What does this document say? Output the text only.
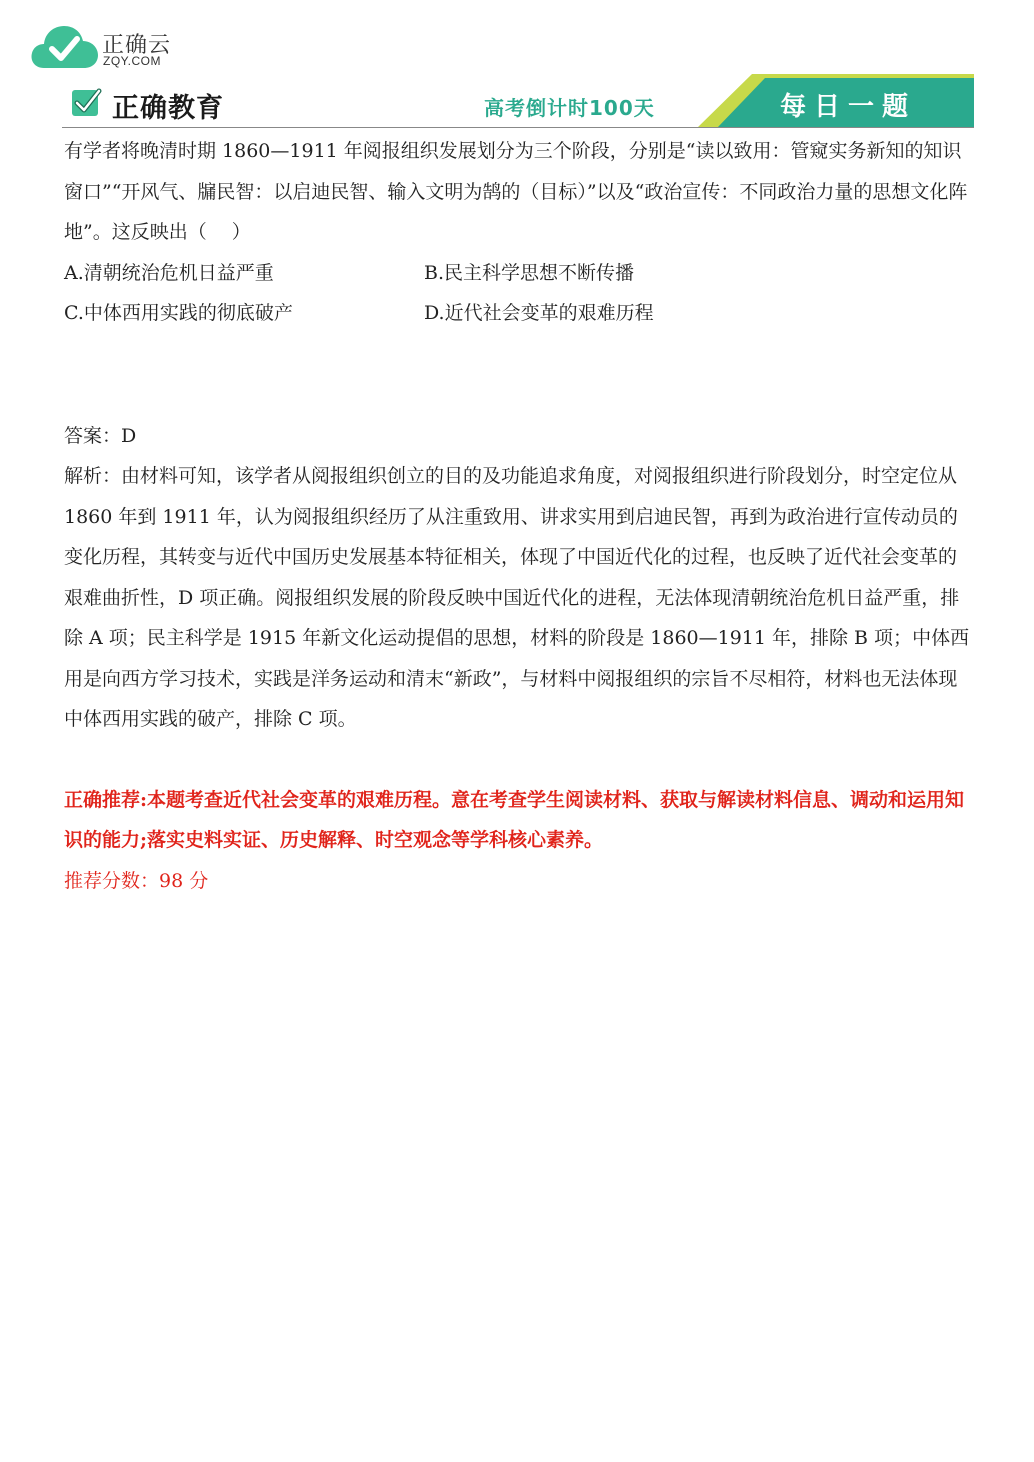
正确云
ZQY.COM
正确教育	高考倒计时100天	每日一题

有学者将晚清时期 1860—1911 年阅报组织发展划分为三个阶段，分别是“读以致用：管窥实务新知的知识窗口”“开风气、牖民智：以启迪民智、输入文明为鹄的（目标）”以及“政治宣传：不同政治力量的思想文化阵地”。这反映出（　 ）

A.清朝统治危机日益严重	B.民主科学思想不断传播
C.中体西用实践的彻底破产	D.近代社会变革的艰难历程

答案：D

解析：由材料可知，该学者从阅报组织创立的目的及功能追求角度，对阅报组织进行阶段划分，时空定位从 1860 年到 1911 年，认为阅报组织经历了从注重致用、讲求实用到启迪民智，再到为政治进行宣传动员的变化历程，其转变与近代中国历史发展基本特征相关，体现了中国近代化的过程，也反映了近代社会变革的艰难曲折性，D 项正确。阅报组织发展的阶段反映中国近代化的进程，无法体现清朝统治危机日益严重，排除 A 项；民主科学是 1915 年新文化运动提倡的思想，材料的阶段是 1860—1911 年，排除 B 项；中体西用是向西方学习技术，实践是洋务运动和清末“新政”，与材料中阅报组织的宗旨不尽相符，材料也无法体现中体西用实践的破产，排除 C 项。

正确推荐:本题考查近代社会变革的艰难历程。意在考查学生阅读材料、获取与解读材料信息、调动和运用知识的能力;落实史料实证、历史解释、时空观念等学科核心素养。

推荐分数：98 分
